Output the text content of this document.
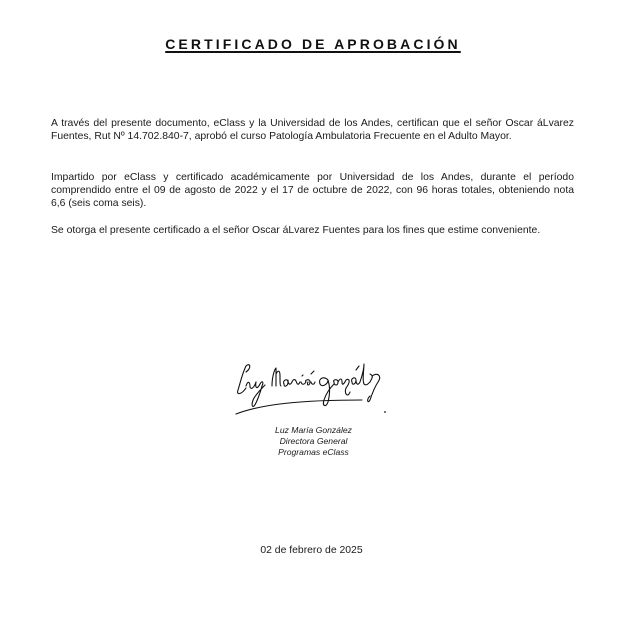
CERTIFICADO DE APROBACIÓN
A través del presente documento, eClass y la Universidad de los Andes, certifican que el señor Oscar áLvarez Fuentes, Rut Nº 14.702.840-7, aprobó el curso Patología Ambulatoria Frecuente en el Adulto Mayor.
Impartido por eClass y certificado académicamente por Universidad de los Andes, durante el período comprendido entre el 09 de agosto de 2022 y el 17 de octubre de 2022, con 96 horas totales, obteniendo nota 6,6 (seis coma seis).
Se otorga el presente certificado a el señor Oscar áLvarez Fuentes para los fines que estime conveniente.
Luz María González
Directora General
Programas eClass
02 de febrero de 2025
